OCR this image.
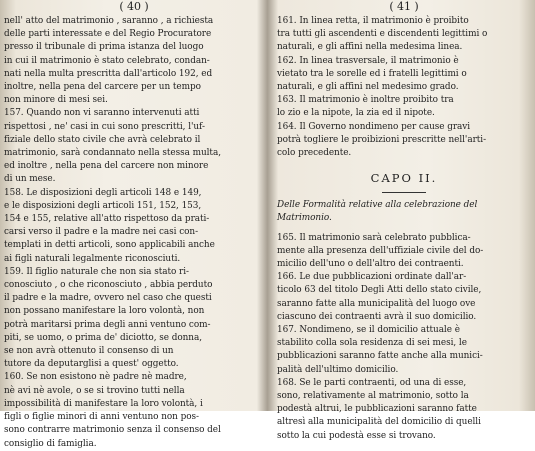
( 40 )
nell' atto del matrimonio , saranno , a richiesta
delle parti interessate e del Regio Procuratore
presso il tribunale di prima istanza del luogo
in cui il matrimonio è stato celebrato, condan-
nati nella multa prescritta dall'articolo 192, ed
inoltre, nella pena del carcere per un tempo
non minore di mesi sei.
157. Quando non vi saranno intervenuti atti
rispettosi , ne' casi in cui sono prescritti, l'uf-
fiziale dello stato civile che avrà celebrato il
matrimonio, sarà condannato nella stessa multa,
ed inoltre , nella pena del carcere non minore
di un mese.
158. Le disposizioni degli articoli 148 e 149,
e le disposizioni degli articoli 151, 152, 153,
154 e 155, relative all'atto rispettoso da prati-
carsi verso il padre e la madre nei casi con-
templati in detti articoli, sono applicabili anche
ai figli naturali legalmente riconosciuti.
159. Il figlio naturale che non sia stato ri-
conosciuto , o che riconosciuto , abbia perduto
il padre e la madre, ovvero nel caso che questi
non possano manifestare la loro volontà, non
potrà maritarsi prima degli anni ventuno com-
piti, se uomo, o prima de' diciotto, se donna,
se non avrà ottenuto il consenso di un
tutore da deputarglisi a quest' oggetto.
160. Se non esistono nè padre nè madre,
nè avi nè avole, o se si trovino tutti nella
impossibilità di manifestare la loro volontà, i
figli o figlie minori di anni ventuno non pos-
sono contrarre matrimonio senza il consenso del
consiglio di famiglia.
( 41 )
161. In linea retta, il matrimonio è proibito
tra tutti gli ascendenti e discendenti legittimi o
naturali, e gli affini nella medesima linea.
162. In linea trasversale, il matrimonio è
vietato tra le sorelle ed i fratelli legittimi o
naturali, e gli affini nel medesimo grado.
163. Il matrimonio è inoltre proibito tra
lo zio e la nipote, la zia ed il nipote.
164. Il Governo nondimeno per cause gravi
potrà togliere le proibizioni prescritte nell'arti-
colo precedente.
CAPO II.
Delle Formalità relative alla celebrazione del
Matrimonio.
165. Il matrimonio sarà celebrato pubblica-
mente alla presenza dell'uffiziale civile del do-
micilio dell'uno o dell'altro dei contraenti.
166. Le due pubblicazioni ordinate dall'ar-
ticolo 63 del titolo Degli Atti dello stato civile,
saranno fatte alla municipalità del luogo ove
ciascuno dei contraenti avrà il suo domicilio.
167. Nondimeno, se il domicilio attuale è
stabilito colla sola residenza di sei mesi, le
pubblicazioni saranno fatte anche alla munici-
palità dell'ultimo domicilio.
168. Se le parti contraenti, od una di esse,
sono, relativamente al matrimonio, sotto la
podestà altrui, le pubblicazioni saranno fatte
altresì alla municipalità del domicilio di quelli
sotto la cui podestà esse si trovano.
